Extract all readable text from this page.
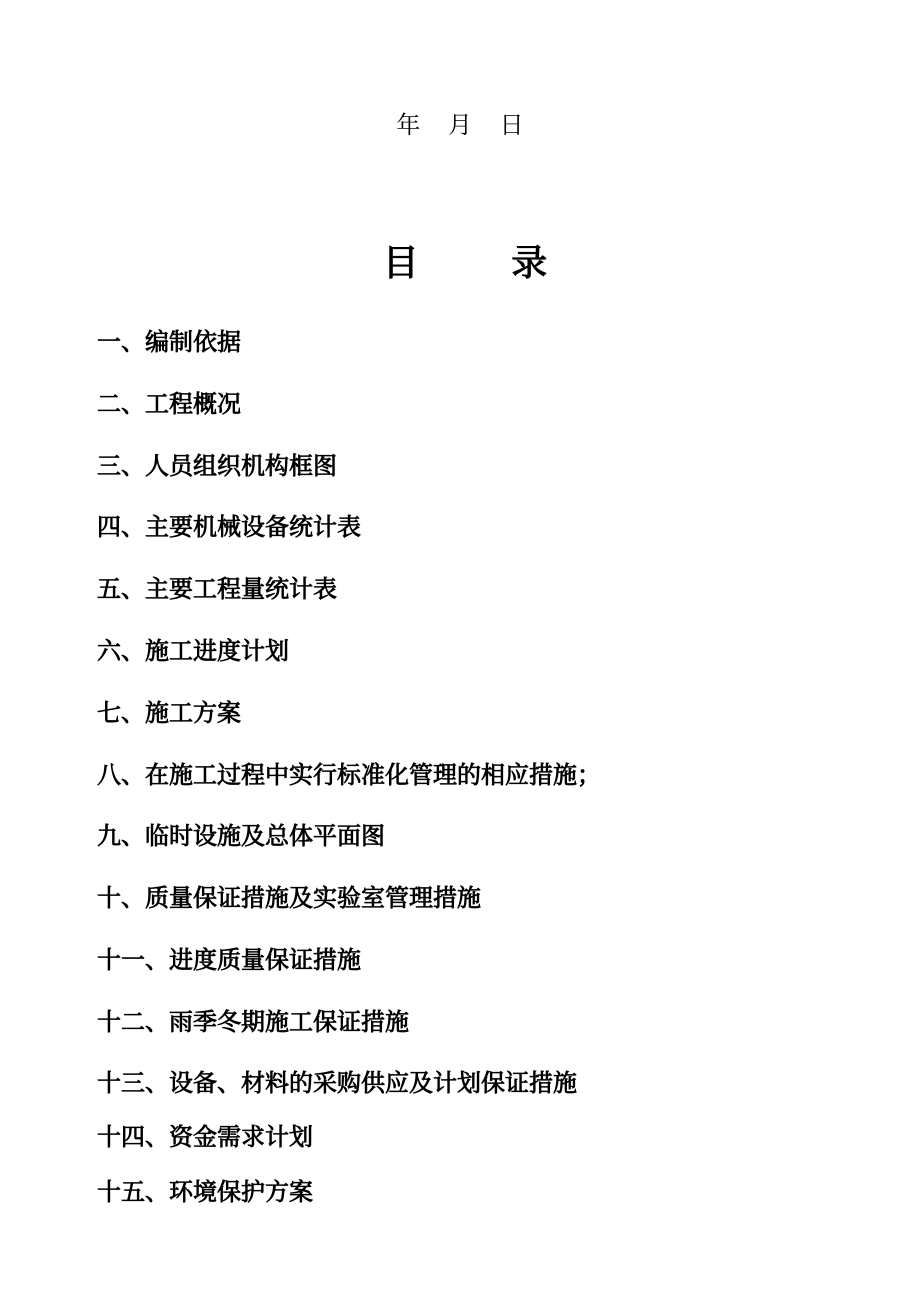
年 月 日
目	录
一、编制依据
二、工程概况
三、人员组织机构框图
四、主要机械设备统计表
五、主要工程量统计表
六、施工进度计划
七、施工方案
八、在施工过程中实行标准化管理的相应措施；
九、临时设施及总体平面图
十、质量保证措施及实验室管理措施
十一、进度质量保证措施
十二、雨季冬期施工保证措施
十三、设备、材料的采购供应及计划保证措施
十四、资金需求计划
十五、环境保护方案
